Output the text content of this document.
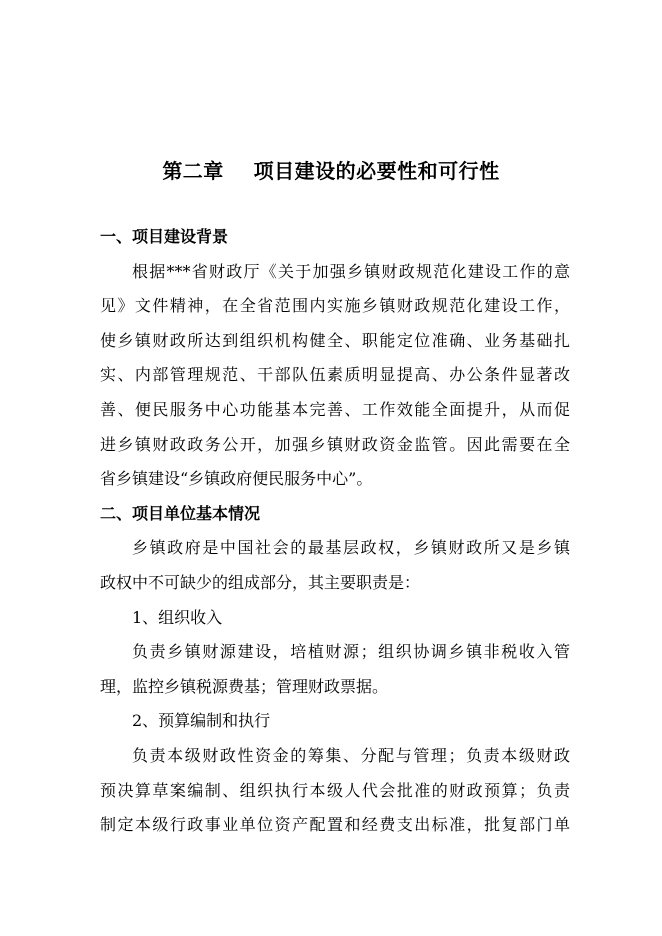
第二章    项目建设的必要性和可行性
一、项目建设背景
根据***省财政厅《关于加强乡镇财政规范化建设工作的意
见》文件精神，在全省范围内实施乡镇财政规范化建设工作，
使乡镇财政所达到组织机构健全、职能定位准确、业务基础扎
实、内部管理规范、干部队伍素质明显提高、办公条件显著改
善、便民服务中心功能基本完善、工作效能全面提升，从而促
进乡镇财政政务公开，加强乡镇财政资金监管。因此需要在全
省乡镇建设“乡镇政府便民服务中心”。
二、项目单位基本情况
乡镇政府是中国社会的最基层政权，乡镇财政所又是乡镇
政权中不可缺少的组成部分，其主要职责是：
1、组织收入
负责乡镇财源建设，培植财源；组织协调乡镇非税收入管
理，监控乡镇税源费基；管理财政票据。
2、预算编制和执行
负责本级财政性资金的筹集、分配与管理；负责本级财政
预决算草案编制、组织执行本级人代会批准的财政预算；负责
制定本级行政事业单位资产配置和经费支出标准，批复部门单
